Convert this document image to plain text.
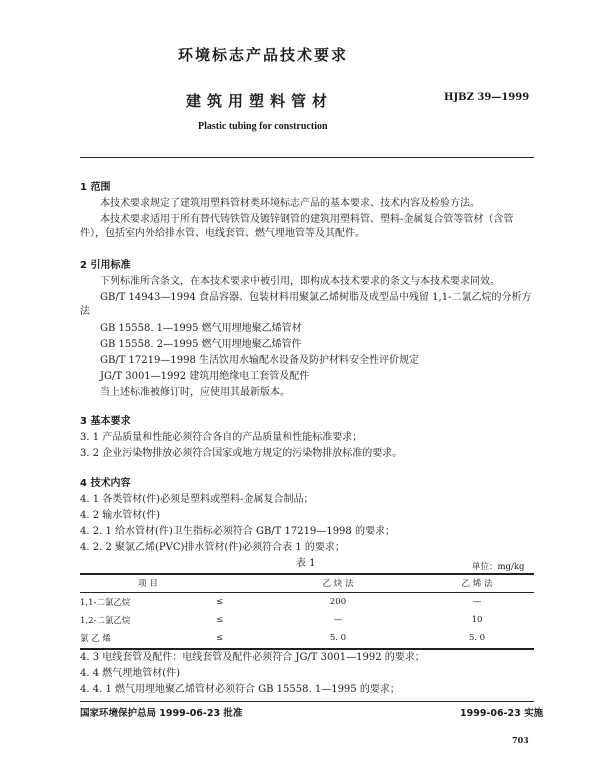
环境标志产品技术要求
建筑用塑料管材	HJBZ 39—1999
Plastic tubing for construction
1 范围
本技术要求规定了建筑用塑料管材类环境标志产品的基本要求、技术内容及检验方法。
本技术要求适用于所有替代铸铁管及镀锌钢管的建筑用塑料管、塑料-金属复合管等管材（含管件），包括室内外给排水管、电线套管、燃气埋地管等及其配件。
2 引用标准
下列标准所含条文，在本技术要求中被引用，即构成本技术要求的条文与本技术要求同效。
GB/T 14943—1994 食品容器、包装材料用聚氯乙烯树脂及成型品中残留 1,1-二氯乙烷的分析方法
GB 15558. 1—1995 燃气用埋地聚乙烯管材
GB 15558. 2—1995 燃气用埋地聚乙烯管件
GB/T 17219—1998 生活饮用水输配水设备及防护材料安全性评价规定
JG/T 3001—1992 建筑用绝缘电工套管及配件
当上述标准被修订时，应使用其最新版本。
3 基本要求
3. 1 产品质量和性能必须符合各自的产品质量和性能标准要求；
3. 2 企业污染物排放必须符合国家或地方规定的污染物排放标准的要求。
4 技术内容
4. 1 各类管材(件)必须是塑料或塑料-金属复合制品；
4. 2 输水管材(件)
4. 2. 1 给水管材(件)卫生指标必须符合 GB/T 17219—1998 的要求；
4. 2. 2 聚氯乙烯(PVC)排水管材(件)必须符合表 1 的要求；
表 1	单位：mg/kg
项 目		乙 炔 法	乙 烯 法
1,1-二氯乙烷	≤	200	—
1,2-二氯乙烷	≤	—	10
氯 乙 烯	≤	5. 0	5. 0
4. 3 电线套管及配件：电线套管及配件必须符合 JG/T 3001—1992 的要求；
4. 4 燃气埋地管材(件)
4. 4. 1 燃气用埋地聚乙烯管材必须符合 GB 15558. 1—1995 的要求；
国家环境保护总局 1999-06-23 批准	1999-06-23 实施
703
